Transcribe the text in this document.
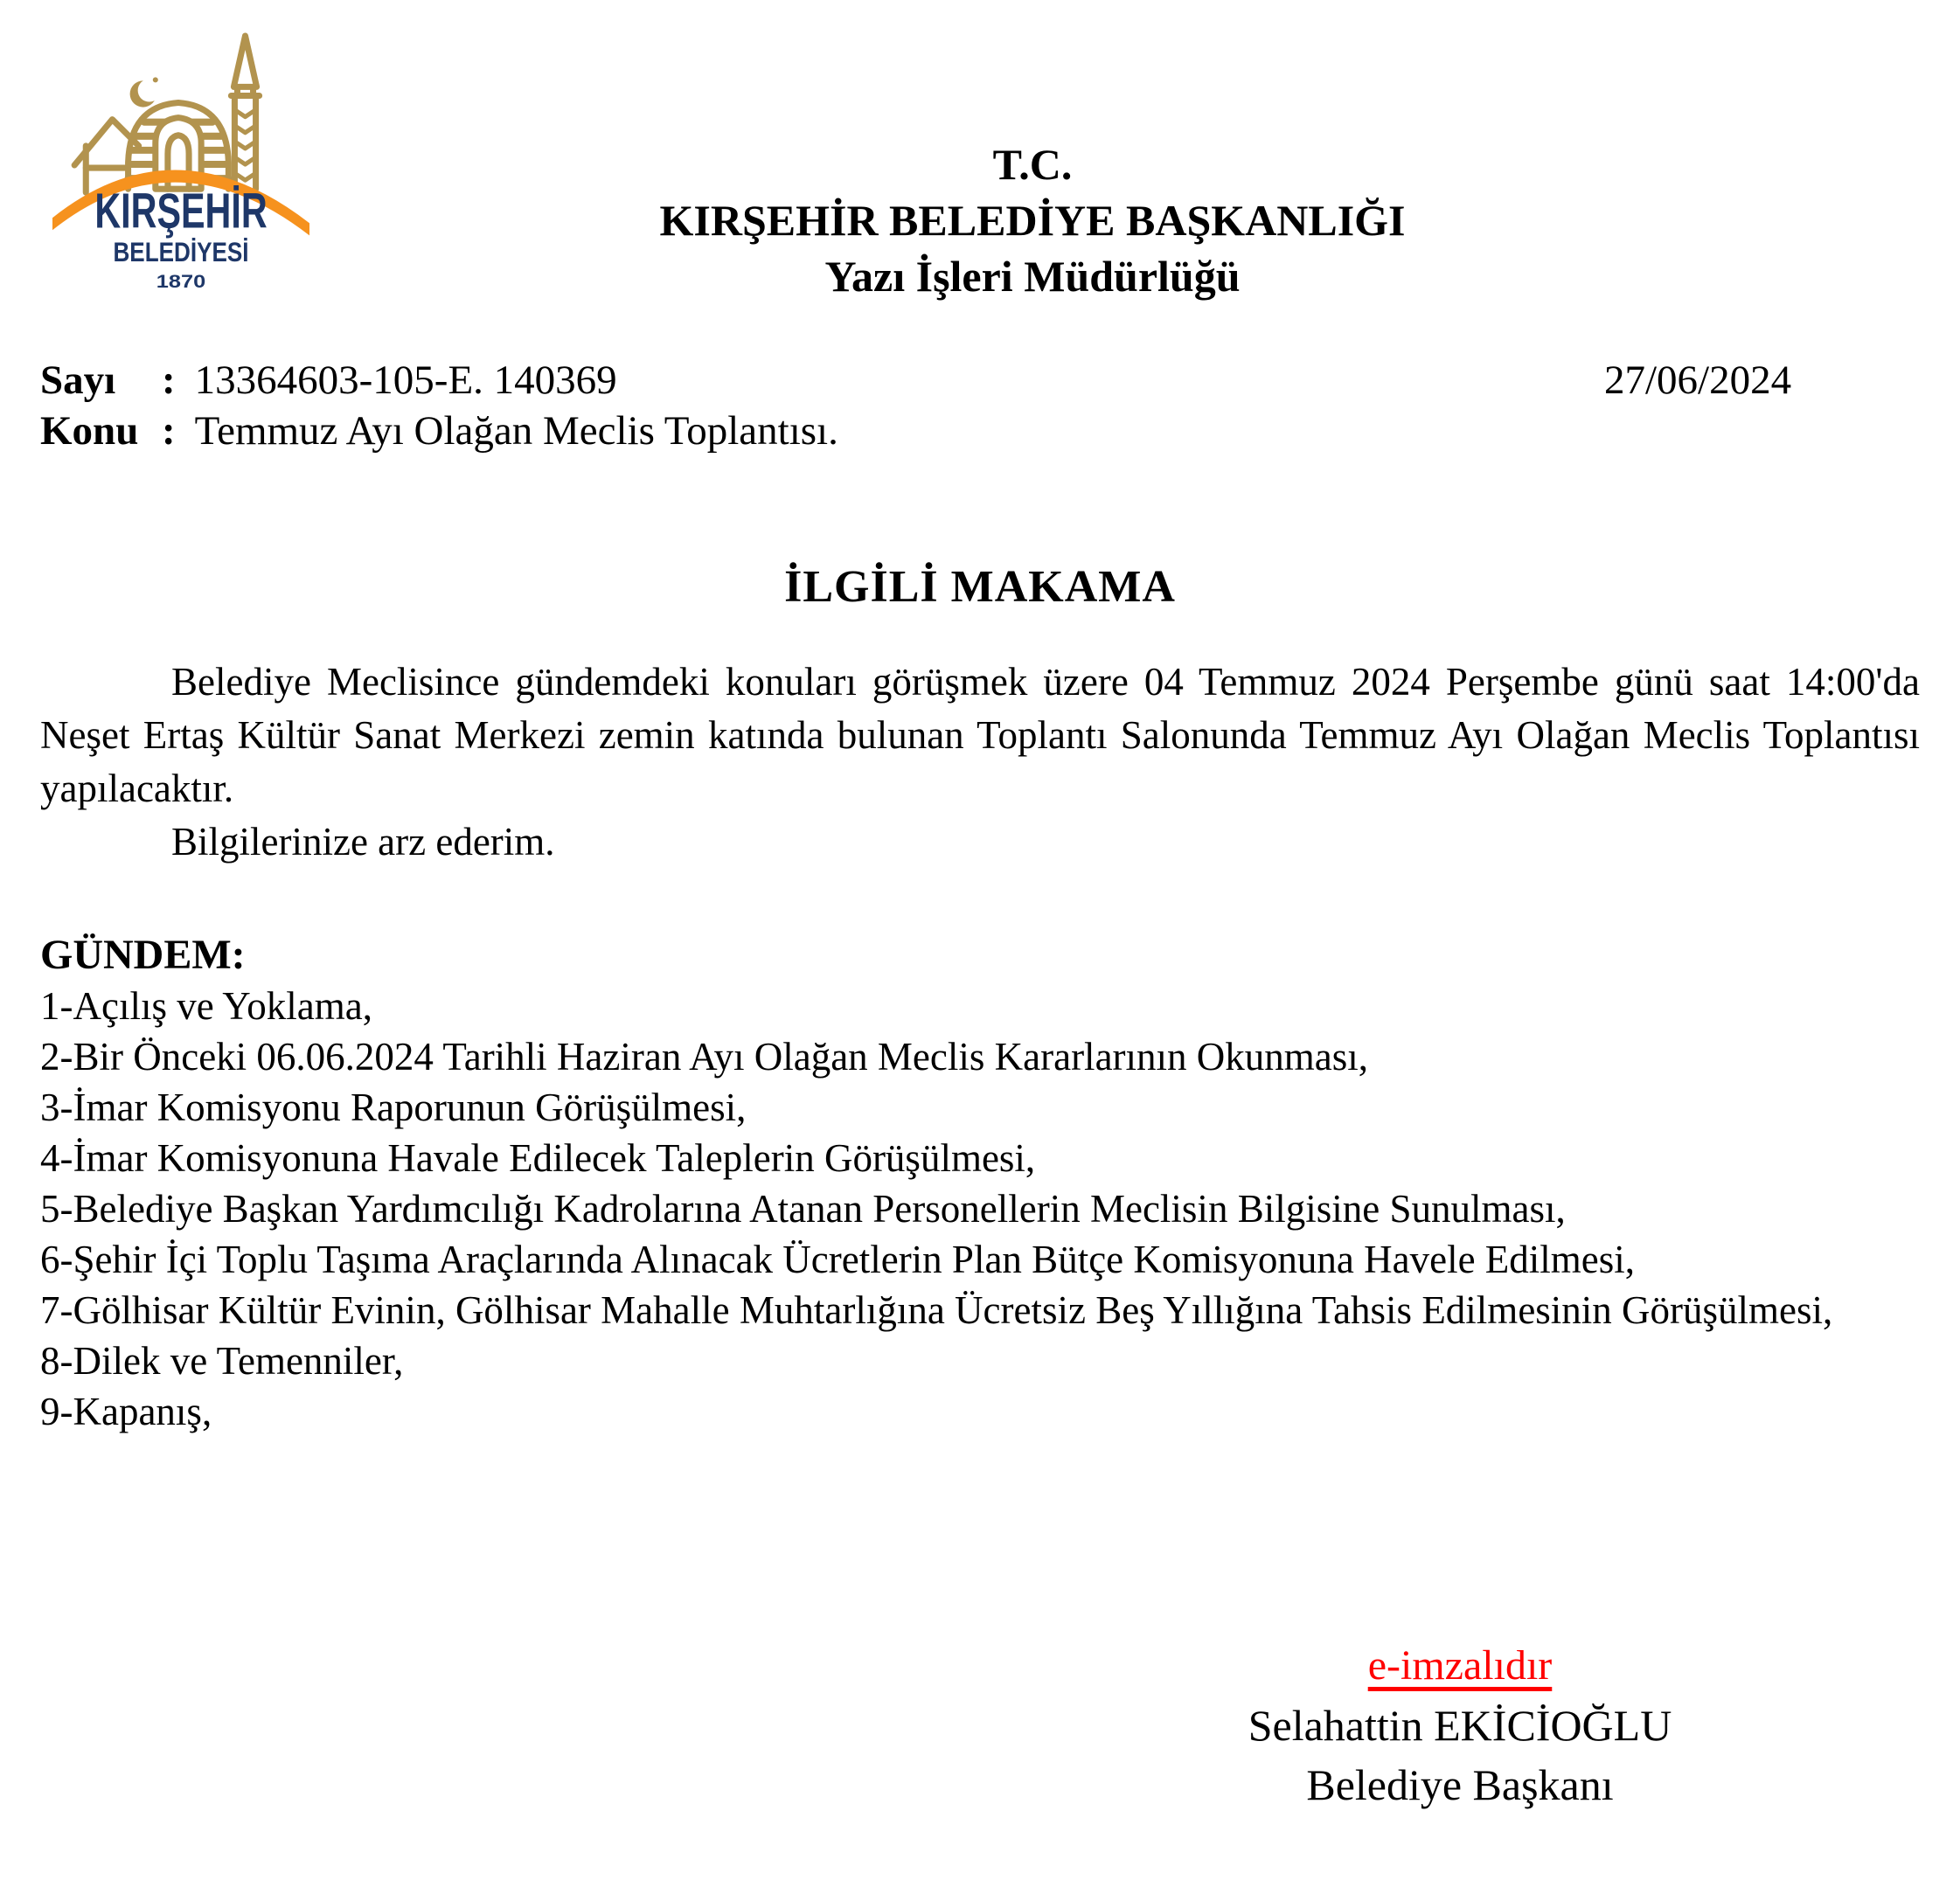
KIRŞEHİR
BELEDİYESİ
1870
T.C.
KIRŞEHİR BELEDİYE BAŞKANLIĞI
Yazı İşleri Müdürlüğü
Sayı : 13364603-105-E. 140369
Konu : Temmuz Ayı Olağan Meclis Toplantısı.
27/06/2024
İLGİLİ MAKAMA

Belediye Meclisince gündemdeki konuları görüşmek üzere 04 Temmuz 2024 Perşembe günü saat 14:00'da Neşet Ertaş Kültür Sanat Merkezi zemin katında bulunan Toplantı Salonunda Temmuz Ayı Olağan Meclis Toplantısı yapılacaktır.

Bilgilerinize arz ederim.

GÜNDEM:
1-Açılış ve Yoklama,
2-Bir Önceki 06.06.2024 Tarihli Haziran Ayı Olağan Meclis Kararlarının Okunması,
3-İmar Komisyonu Raporunun Görüşülmesi,
4-İmar Komisyonuna Havale Edilecek Taleplerin Görüşülmesi,
5-Belediye Başkan Yardımcılığı Kadrolarına Atanan Personellerin Meclisin Bilgisine Sunulması,
6-Şehir İçi Toplu Taşıma Araçlarında Alınacak Ücretlerin Plan Bütçe Komisyonuna Havele Edilmesi,
7-Gölhisar Kültür Evinin, Gölhisar Mahalle Muhtarlığına Ücretsiz Beş Yıllığına Tahsis Edilmesinin Görüşülmesi,
8-Dilek ve Temenniler,
9-Kapanış,
e-imzalıdır
Selahattin EKİCİOĞLU
Belediye Başkanı
